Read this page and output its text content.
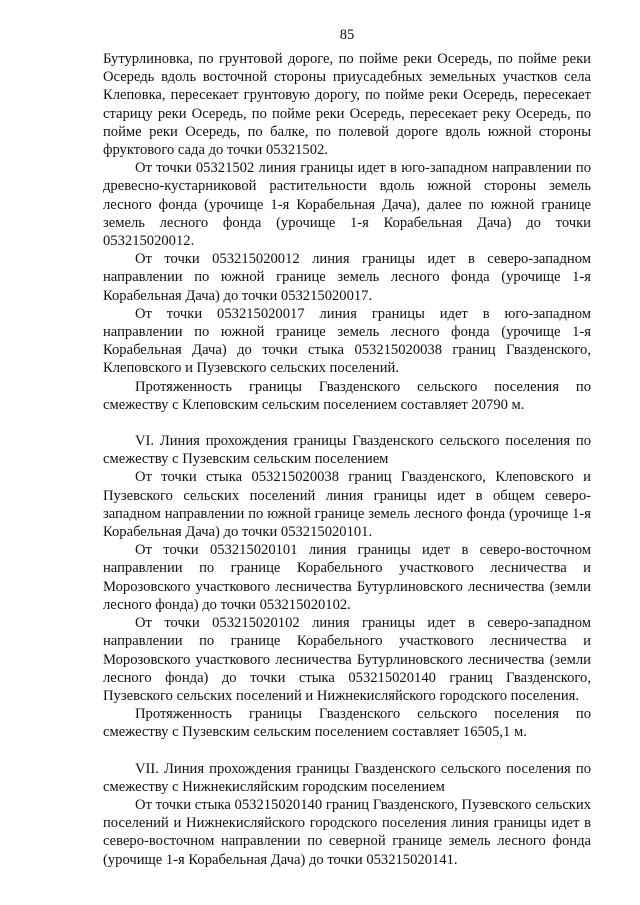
85

Бутурлиновка, по грунтовой дороге, по пойме реки Осередь, по пойме реки Осередь вдоль восточной стороны приусадебных земельных участков села Клеповка, пересекает грунтовую дорогу, по пойме реки Осередь, пересекает старицу реки Осередь, по пойме реки Осередь, пересекает реку Осередь, по пойме реки Осередь, по балке, по полевой дороге вдоль южной стороны фруктового сада до точки 05321502.

От точки 05321502 линия границы идет в юго-западном направлении по древесно-кустарниковой растительности вдоль южной стороны земель лесного фонда (урочище 1-я Корабельная Дача), далее по южной границе земель лесного фонда (урочище 1-я Корабельная Дача) до точки 053215020012.

От точки 053215020012 линия границы идет в северо-западном направлении по южной границе земель лесного фонда (урочище 1-я Корабельная Дача) до точки 053215020017.

От точки 053215020017 линия границы идет в юго-западном направлении по южной границе земель лесного фонда (урочище 1-я Корабельная Дача) до точки стыка 053215020038 границ Гвазденского, Клеповского и Пузевского сельских поселений.

Протяженность границы Гвазденского сельского поселения по смежеству с Клеповским сельским поселением составляет 20790 м.

VI. Линия прохождения границы Гвазденского сельского поселения по смежеству с Пузевским сельским поселением

От точки стыка 053215020038 границ Гвазденского, Клеповского и Пузевского сельских поселений линия границы идет в общем северо-западном направлении по южной границе земель лесного фонда (урочище 1-я Корабельная Дача) до точки 053215020101.

От точки 053215020101 линия границы идет в северо-восточном направлении по границе Корабельного участкового лесничества и Морозовского участкового лесничества Бутурлиновского лесничества (земли лесного фонда) до точки 053215020102.

От точки 053215020102 линия границы идет в северо-западном направлении по границе Корабельного участкового лесничества и Морозовского участкового лесничества Бутурлиновского лесничества (земли лесного фонда) до точки стыка 053215020140 границ Гвазденского, Пузевского сельских поселений и Нижнекисляйского городского поселения.

Протяженность границы Гвазденского сельского поселения по смежеству с Пузевским сельским поселением составляет 16505,1 м.

VII. Линия прохождения границы Гвазденского сельского поселения по смежеству с Нижнекисляйским городским поселением

От точки стыка 053215020140 границ Гвазденского, Пузевского сельских поселений и Нижнекисляйского городского поселения линия границы идет в северо-восточном направлении по северной границе земель лесного фонда (урочище 1-я Корабельная Дача) до точки 053215020141.
